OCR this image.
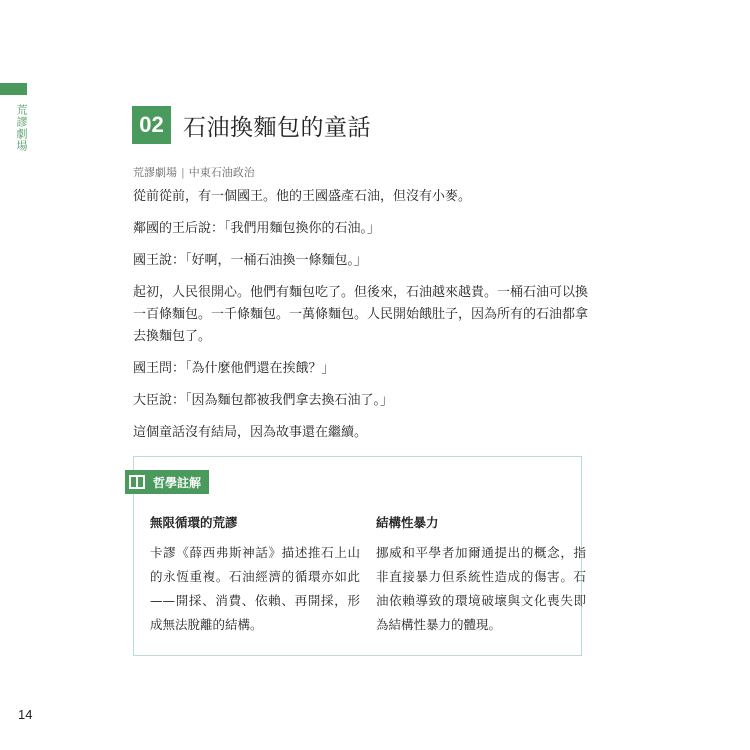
荒謬劇場	02 石油換麵包的童話
荒謬劇場 | 中東石油政治

從前從前，有一個國王。他的王國盛產石油，但沒有小麥。

鄰國的王后說：「我們用麵包換你的石油。」

國王說：「好啊，一桶石油換一條麵包。」

起初，人民很開心。他們有麵包吃了。但後來，石油越來越貴。一桶石油可以換一百條麵包。一千條麵包。一萬條麵包。人民開始餓肚子，因為所有的石油都拿去換麵包了。

國王問：「為什麼他們還在挨餓？」

大臣說：「因為麵包都被我們拿去換石油了。」

這個童話沒有結局，因為故事還在繼續。

哲學註解
無限循環的荒謬

卡謬《薛西弗斯神話》描述推石上山的永恆重複。石油經濟的循環亦如此——開採、消費、依賴、再開採，形成無法脫離的結構。

結構性暴力

挪威和平學者加爾通提出的概念，指非直接暴力但系統性造成的傷害。石油依賴導致的環境破壞與文化喪失即為結構性暴力的體現。

14
